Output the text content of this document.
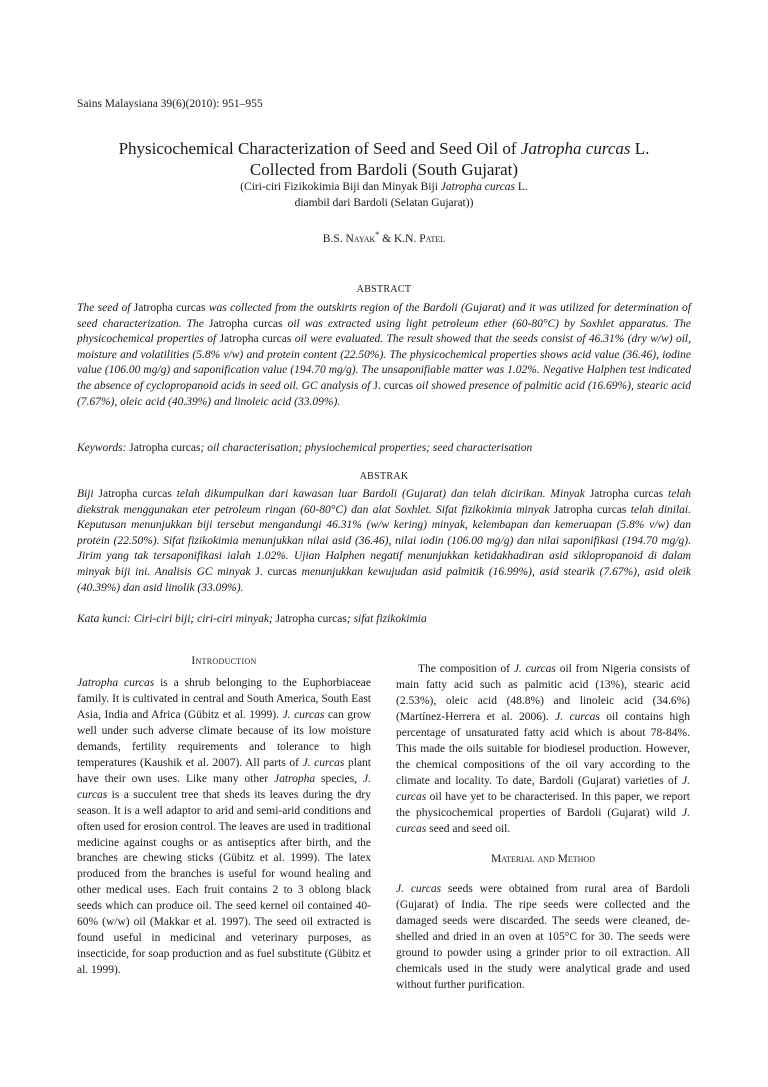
Sains Malaysiana 39(6)(2010): 951–955
Physicochemical Characterization of Seed and Seed Oil of Jatropha curcas L.
Collected from Bardoli (South Gujarat)
(Ciri-ciri Fizikokimia Biji dan Minyak Biji Jatropha curcas L.
diambil dari Bardoli (Selatan Gujarat))
B.S. Nayak* & K.N. Patel
ABSTRACT
The seed of Jatropha curcas was collected from the outskirts region of the Bardoli (Gujarat) and it was utilized for determination of seed characterization. The Jatropha curcas oil was extracted using light petroleum ether (60-80°C) by Soxhlet apparatus. The physicochemical properties of Jatropha curcas oil were evaluated. The result showed that the seeds consist of 46.31% (dry w/w) oil, moisture and volatilities (5.8% v/w) and protein content (22.50%). The physicochemical properties shows acid value (36.46), iodine value (106.00 mg/g) and saponification value (194.70 mg/g). The unsaponifiable matter was 1.02%. Negative Halphen test indicated the absence of cyclopropanoid acids in seed oil. GC analysis of J. curcas oil showed presence of palmitic acid (16.69%), stearic acid (7.67%), oleic acid (40.39%) and linoleic acid (33.09%).
Keywords: Jatropha curcas; oil characterisation; physiochemical properties; seed characterisation
ABSTRAK
Biji Jatropha curcas telah dikumpulkan dari kawasan luar Bardoli (Gujarat) dan telah dicirikan. Minyak Jatropha curcas telah diekstrak menggunakan eter petroleum ringan (60-80°C) dan alat Soxhlet. Sifat fizikokimia minyak Jatropha curcas telah dinilai. Keputusan menunjukkan biji tersebut mengandungi 46.31% (w/w kering) minyak, kelembapan dan kemeruapan (5.8% v/w) dan protein (22.50%). Sifat fizikokimia menunjukkan nilai asid (36.46), nilai iodin (106.00 mg/g) dan nilai saponifikasi (194.70 mg/g). Jirim yang tak tersaponifikasi ialah 1.02%. Ujian Halphen negatif menunjukkan ketidakhadiran asid siklopropanoid di dalam minyak biji ini. Analisis GC minyak J. curcas menunjukkan kewujudan asid palmitik (16.99%), asid stearik (7.67%), asid oleik (40.39%) dan asid linolik (33.09%).
Kata kunci: Ciri-ciri biji; ciri-ciri minyak; Jatropha curcas; sifat fizikokimia
Introduction

Jatropha curcas is a shrub belonging to the Euphorbiaceae family. It is cultivated in central and South America, South East Asia, India and Africa (Gübitz et al. 1999). J. curcas can grow well under such adverse climate because of its low moisture demands, fertility requirements and tolerance to high temperatures (Kaushik et al. 2007). All parts of J. curcas plant have their own uses. Like many other Jatropha species, J. curcas is a succulent tree that sheds its leaves during the dry season. It is a well adaptor to arid and semi-arid conditions and often used for erosion control. The leaves are used in traditional medicine against coughs or as antiseptics after birth, and the branches are chewing sticks (Gübitz et al. 1999). The latex produced from the branches is useful for wound healing and other medical uses. Each fruit contains 2 to 3 oblong black seeds which can produce oil. The seed kernel oil contained 40-60% (w/w) oil (Makkar et al. 1997). The seed oil extracted is found useful in medicinal and veterinary purposes, as insecticide, for soap production and as fuel substitute (Gübitz et al. 1999).

The composition of J. curcas oil from Nigeria consists of main fatty acid such as palmitic acid (13%), stearic acid (2.53%), oleic acid (48.8%) and linoleic acid (34.6%) (Martínez-Herrera et al. 2006). J. curcas oil contains high percentage of unsaturated fatty acid which is about 78-84%. This made the oils suitable for biodiesel production. However, the chemical compositions of the oil vary according to the climate and locality. To date, Bardoli (Gujarat) varieties of J. curcas oil have yet to be characterised. In this paper, we report the physicochemical properties of Bardoli (Gujarat) wild J. curcas seed and seed oil.

Material and Method

J. curcas seeds were obtained from rural area of Bardoli (Gujarat) of India. The ripe seeds were collected and the damaged seeds were discarded. The seeds were cleaned, de-shelled and dried in an oven at 105°C for 30. The seeds were ground to powder using a grinder prior to oil extraction. All chemicals used in the study were analytical grade and used without further purification.
